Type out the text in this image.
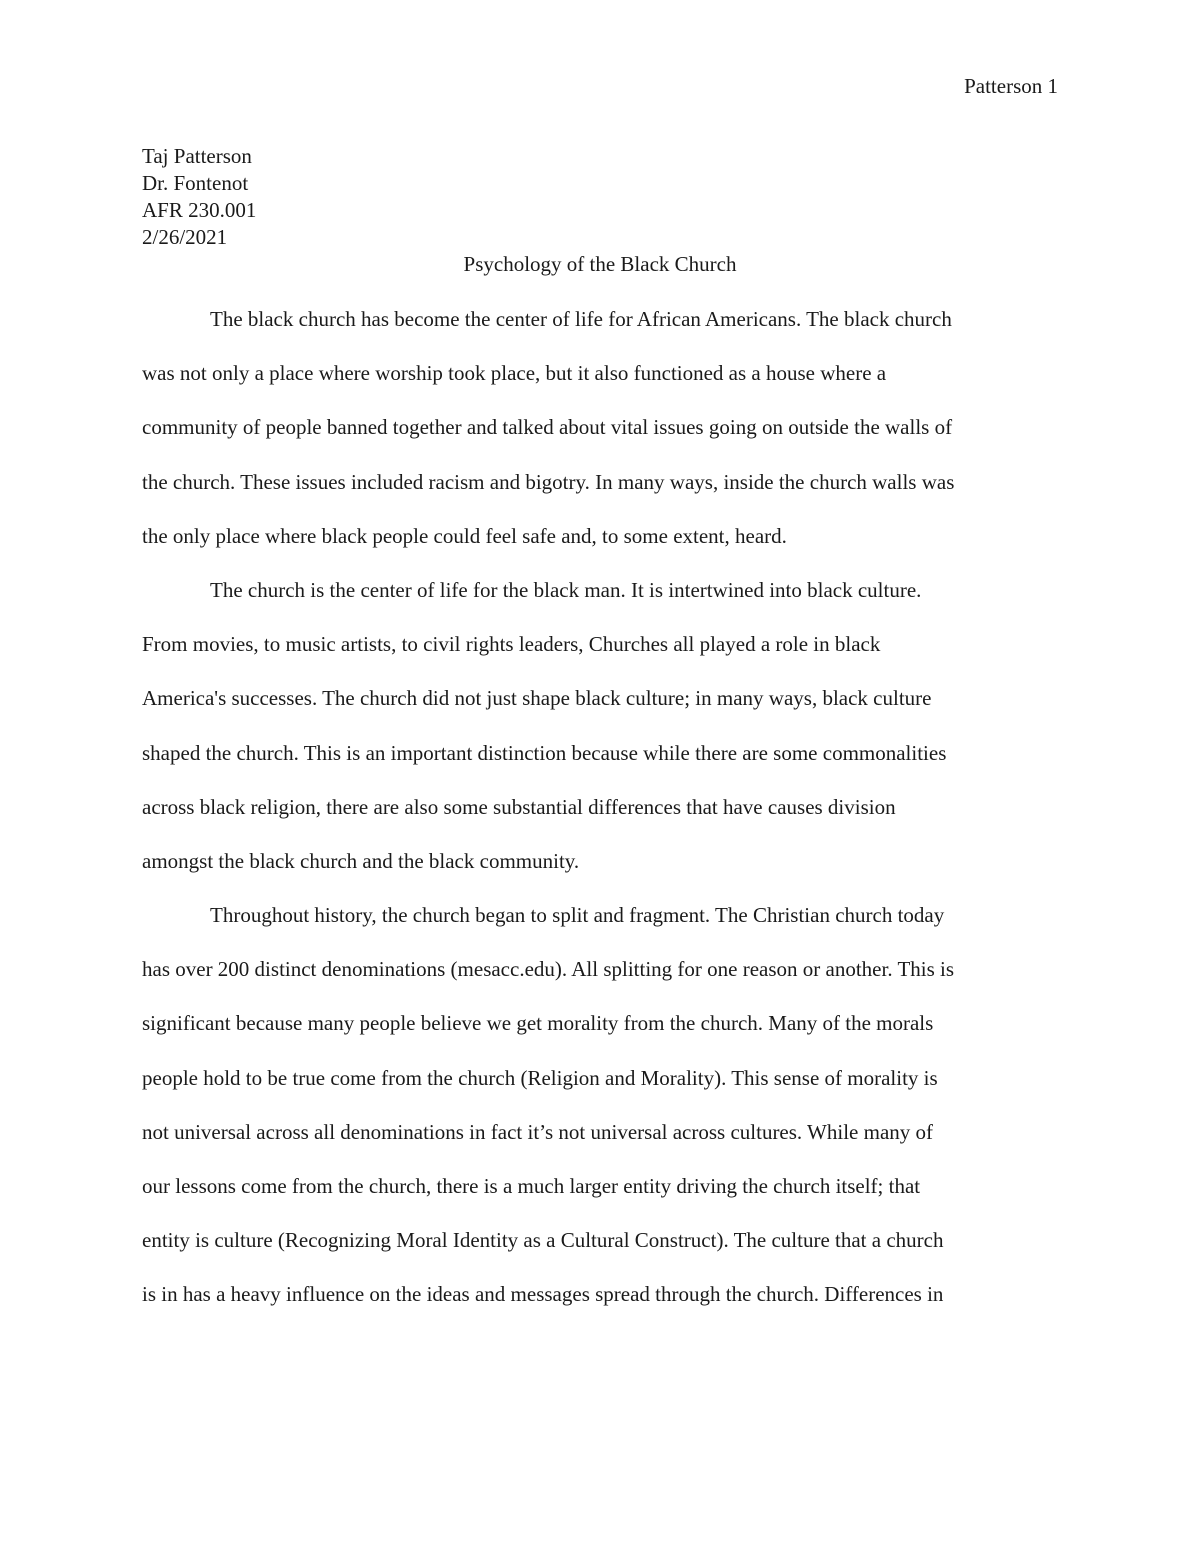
Patterson 1
Taj Patterson
Dr. Fontenot
AFR 230.001
2/26/2021
Psychology of the Black Church
The black church has become the center of life for African Americans. The black church
was not only a place where worship took place, but it also functioned as a house where a
community of people banned together and talked about vital issues going on outside the walls of
the church. These issues included racism and bigotry. In many ways, inside the church walls was
the only place where black people could feel safe and, to some extent, heard.
The church is the center of life for the black man. It is intertwined into black culture.
From movies, to music artists, to civil rights leaders, Churches all played a role in black
America's successes. The church did not just shape black culture; in many ways, black culture
shaped the church. This is an important distinction because while there are some commonalities
across black religion, there are also some substantial differences that have causes division
amongst the black church and the black community.
Throughout history, the church began to split and fragment. The Christian church today
has over 200 distinct denominations (mesacc.edu). All splitting for one reason or another. This is
significant because many people believe we get morality from the church. Many of the morals
people hold to be true come from the church (Religion and Morality). This sense of morality is
not universal across all denominations in fact it’s not universal across cultures. While many of
our lessons come from the church, there is a much larger entity driving the church itself; that
entity is culture (Recognizing Moral Identity as a Cultural Construct). The culture that a church
is in has a heavy influence on the ideas and messages spread through the church. Differences in
